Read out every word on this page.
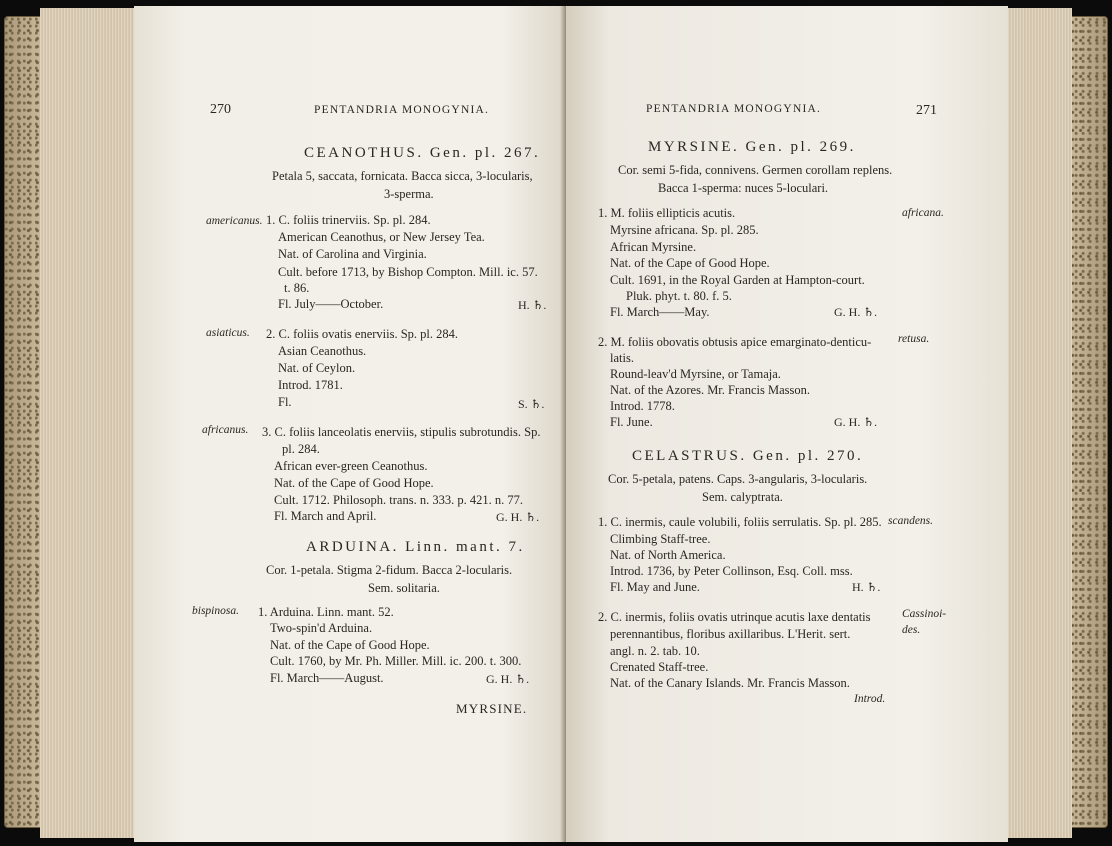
270	PENTANDRIA MONOGYNIA.
CEANOTHUS. Gen. pl. 267.
Petala 5, saccata, fornicata. Bacca sicca, 3-locularis,
3-sperma.
americanus. 1. C. foliis trinerviis. Sp. pl. 284.
American Ceanothus, or New Jersey Tea.
Nat. of Carolina and Virginia.
Cult. before 1713, by Bishop Compton. Mill. ic. 57.
t. 86.
Fl. July——October.	H. ♄.
asiaticus. 2. C. foliis ovatis enerviis. Sp. pl. 284.
Asian Ceanothus.
Nat. of Ceylon.
Introd. 1781.
Fl.	S. ♄.
africanus. 3. C. foliis lanceolatis enerviis, stipulis subrotundis. Sp.
pl. 284.
African ever-green Ceanothus.
Nat. of the Cape of Good Hope.
Cult. 1712. Philosoph. trans. n. 333. p. 421. n. 77.
Fl. March and April.	G. H. ♄.
ARDUINA. Linn. mant. 7.
Cor. 1-petala. Stigma 2-fidum. Bacca 2-locularis.
Sem. solitaria.
bispinosa. 1. Arduina. Linn. mant. 52.
Two-spin'd Arduina.
Nat. of the Cape of Good Hope.
Cult. 1760, by Mr. Ph. Miller. Mill. ic. 200. t. 300.
Fl. March——August.	G. H. ♄.
MYRSINE.
PENTANDRIA MONOGYNIA.	271
MYRSINE. Gen. pl. 269.
Cor. semi 5-fida, connivens. Germen corollam replens.
Bacca 1-sperma: nuces 5-loculari.
1. M. foliis ellipticis acutis.	africana.
Myrsine africana. Sp. pl. 285.
African Myrsine.
Nat. of the Cape of Good Hope.
Cult. 1691, in the Royal Garden at Hampton-court.
Pluk. phyt. t. 80. f. 5.
Fl. March——May.	G. H. ♄.
2. M. foliis obovatis obtusis apice emarginato-denticu- retusa.
latis.
Round-leav'd Myrsine, or Tamaja.
Nat. of the Azores. Mr. Francis Masson.
Introd. 1778.
Fl. June.	G. H. ♄.
CELASTRUS. Gen. pl. 270.
Cor. 5-petala, patens. Caps. 3-angularis, 3-locularis.
Sem. calyptrata.
1. C. inermis, caule volubili, foliis serrulatis. Sp. pl. 285. scandens.
Climbing Staff-tree.
Nat. of North America.
Introd. 1736, by Peter Collinson, Esq. Coll. mss.
Fl. May and June.	H. ♄.
2. C. inermis, foliis ovatis utrinque acutis laxe dentatis	Cassinoi-
des.
perennantibus, floribus axillaribus. L'Herit. sert.
angl. n. 2. tab. 10.
Crenated Staff-tree.
Nat. of the Canary Islands. Mr. Francis Masson.
Introd.
